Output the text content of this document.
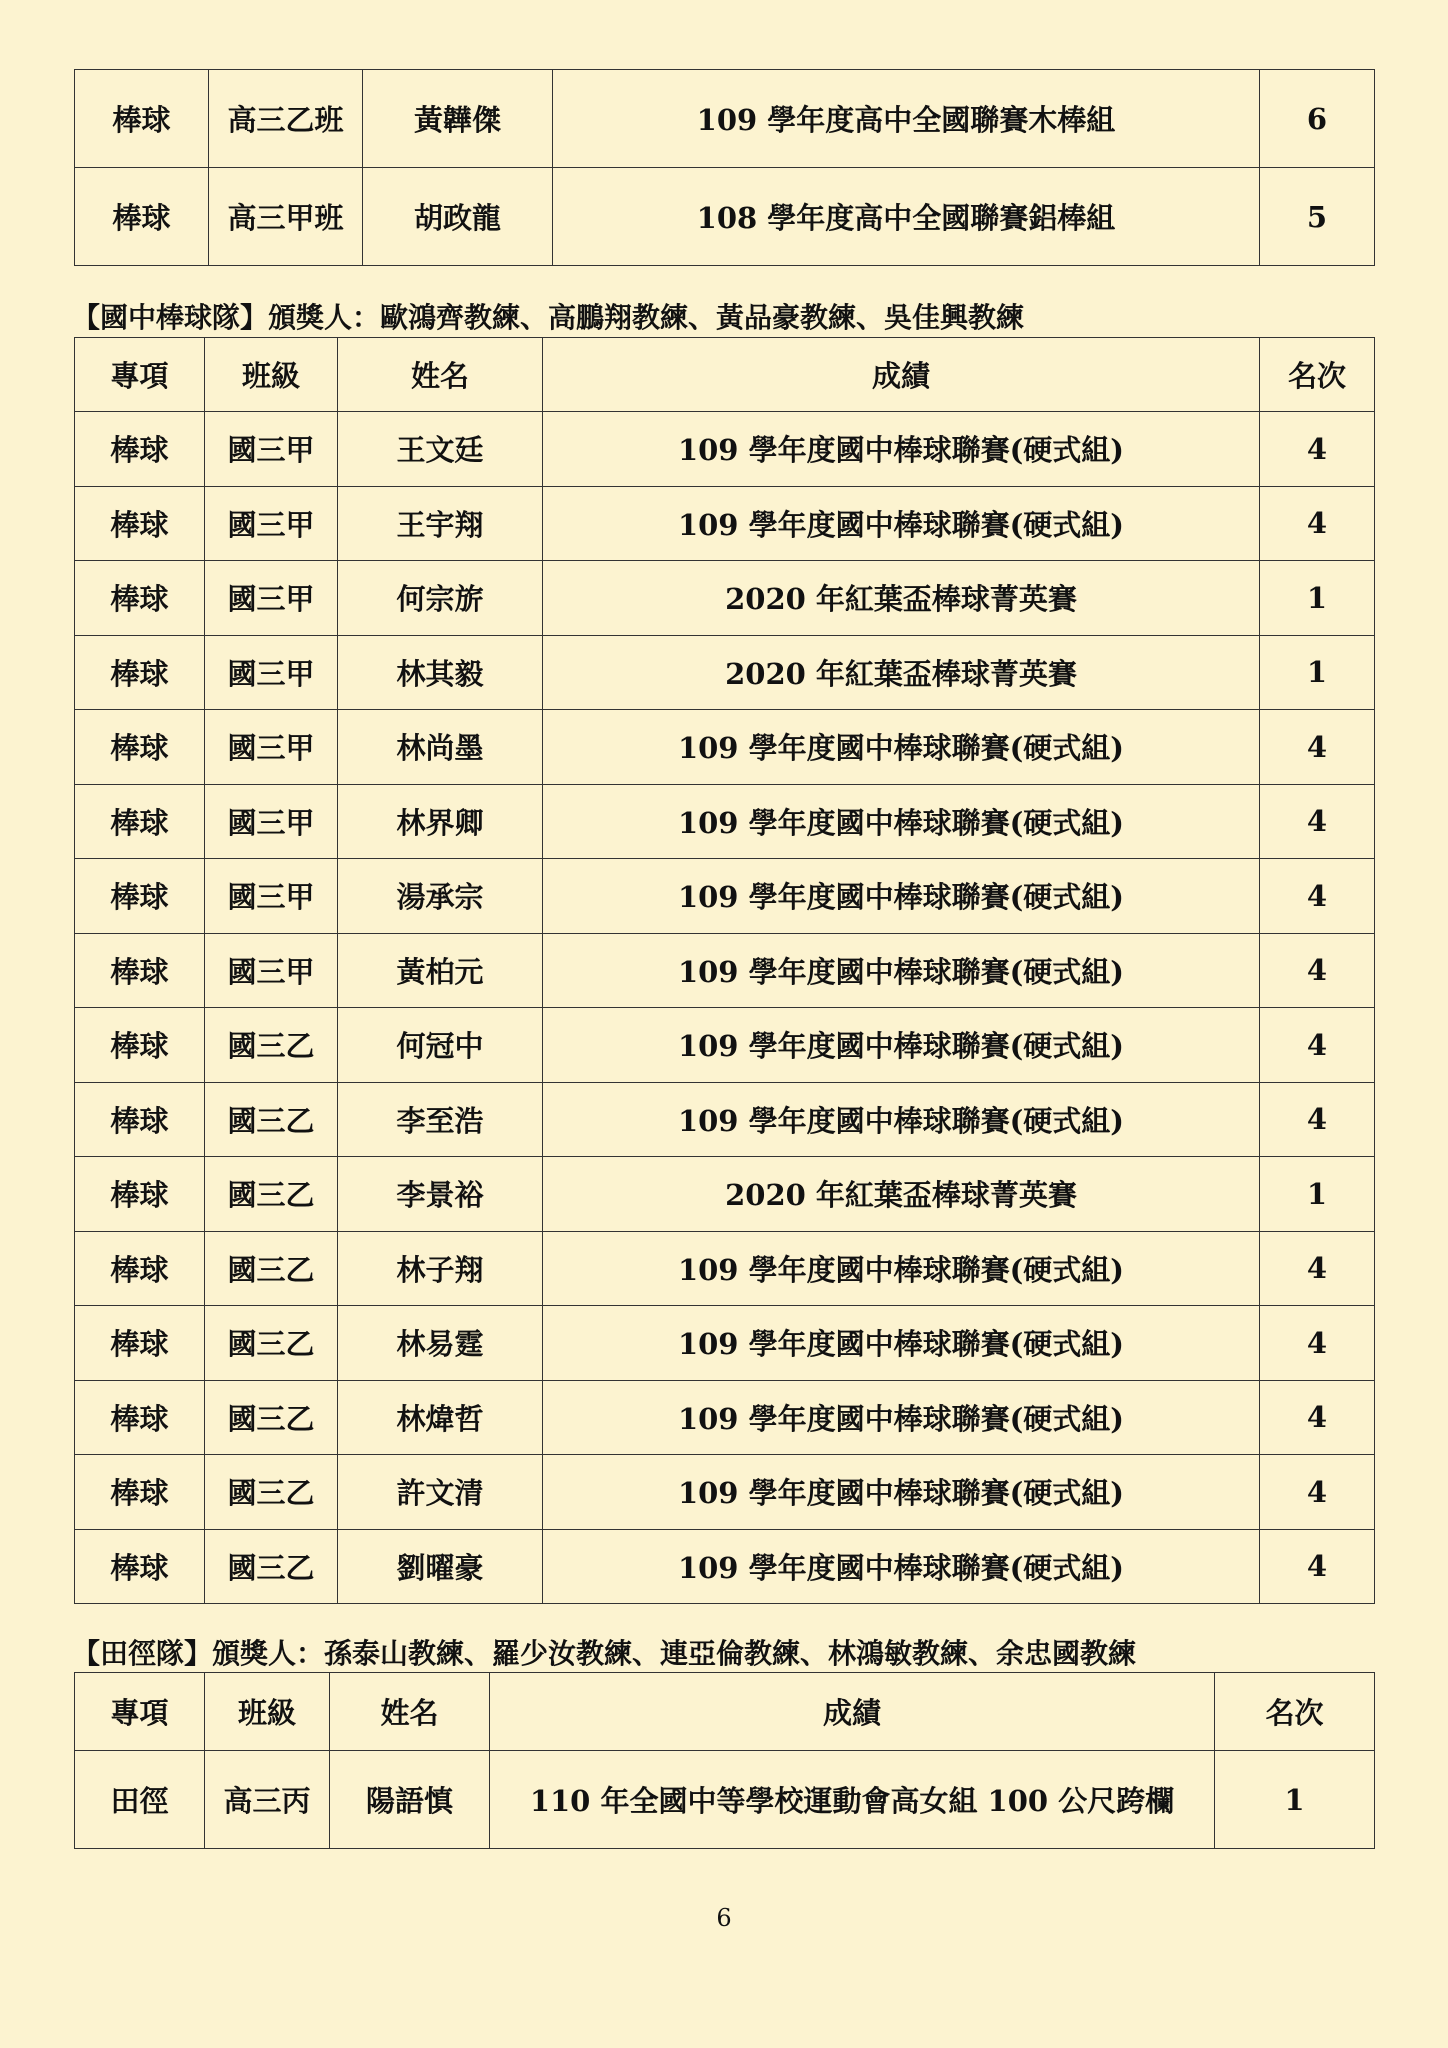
棒球	高三乙班	黃韡傑	109 學年度高中全國聯賽木棒組	6
棒球	高三甲班	胡政龍	108 學年度高中全國聯賽鋁棒組	5
【國中棒球隊】頒獎人：歐鴻齊教練、高鵬翔教練、黃品豪教練、吳佳興教練
專項	班級	姓名	成績	名次
棒球	國三甲	王文廷	109 學年度國中棒球聯賽(硬式組)	4
棒球	國三甲	王宇翔	109 學年度國中棒球聯賽(硬式組)	4
棒球	國三甲	何宗旂	2020 年紅葉盃棒球菁英賽	1
棒球	國三甲	林其毅	2020 年紅葉盃棒球菁英賽	1
棒球	國三甲	林尚墨	109 學年度國中棒球聯賽(硬式組)	4
棒球	國三甲	林界卿	109 學年度國中棒球聯賽(硬式組)	4
棒球	國三甲	湯承宗	109 學年度國中棒球聯賽(硬式組)	4
棒球	國三甲	黃柏元	109 學年度國中棒球聯賽(硬式組)	4
棒球	國三乙	何冠中	109 學年度國中棒球聯賽(硬式組)	4
棒球	國三乙	李至浩	109 學年度國中棒球聯賽(硬式組)	4
棒球	國三乙	李景裕	2020 年紅葉盃棒球菁英賽	1
棒球	國三乙	林子翔	109 學年度國中棒球聯賽(硬式組)	4
棒球	國三乙	林易霆	109 學年度國中棒球聯賽(硬式組)	4
棒球	國三乙	林煒哲	109 學年度國中棒球聯賽(硬式組)	4
棒球	國三乙	許文清	109 學年度國中棒球聯賽(硬式組)	4
棒球	國三乙	劉曜豪	109 學年度國中棒球聯賽(硬式組)	4
【田徑隊】頒獎人：孫泰山教練、羅少汝教練、連亞倫教練、林鴻敏教練、余忠國教練
專項	班級	姓名	成績	名次
田徑	高三丙	陽語慎	110 年全國中等學校運動會高女組 100 公尺跨欄	1
6
